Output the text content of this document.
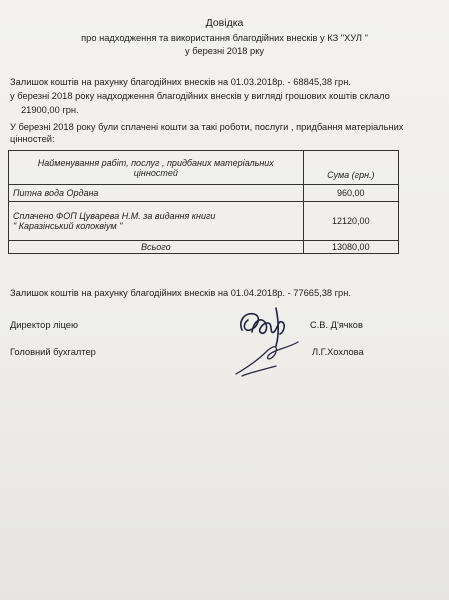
Довідка
про надходження та використання благодійних внесків у КЗ "ХУЛ "
у березні 2018 рку
Залишок коштів на рахунку благодійних внесків на 01.03.2018р. - 68845,38 грн.
у березні 2018 року надходження благодійних внесків у вигляді грошових коштів склало
21900,00 грн.
У березні 2018 року були сплачені кошти за такі роботи, послуги , придбання матеріальних
цінностей:
Найменування рабіт, послуг , придбаних матеріальних
цінностей	Сума (грн.)
Питна вода Ордана	960,00

Сплачено ФОП Цуварева Н.М. за видання книги
" Каразінський колоквіум "	12120,00
Всього	13080,00
Залишок коштів на рахунку благодійних внесків на 01.04.2018р. - 77665,38 грн.
Директор ліцею	С.В. Д'ячков
Головний бухгалтер	Л.Г.Хохлова
